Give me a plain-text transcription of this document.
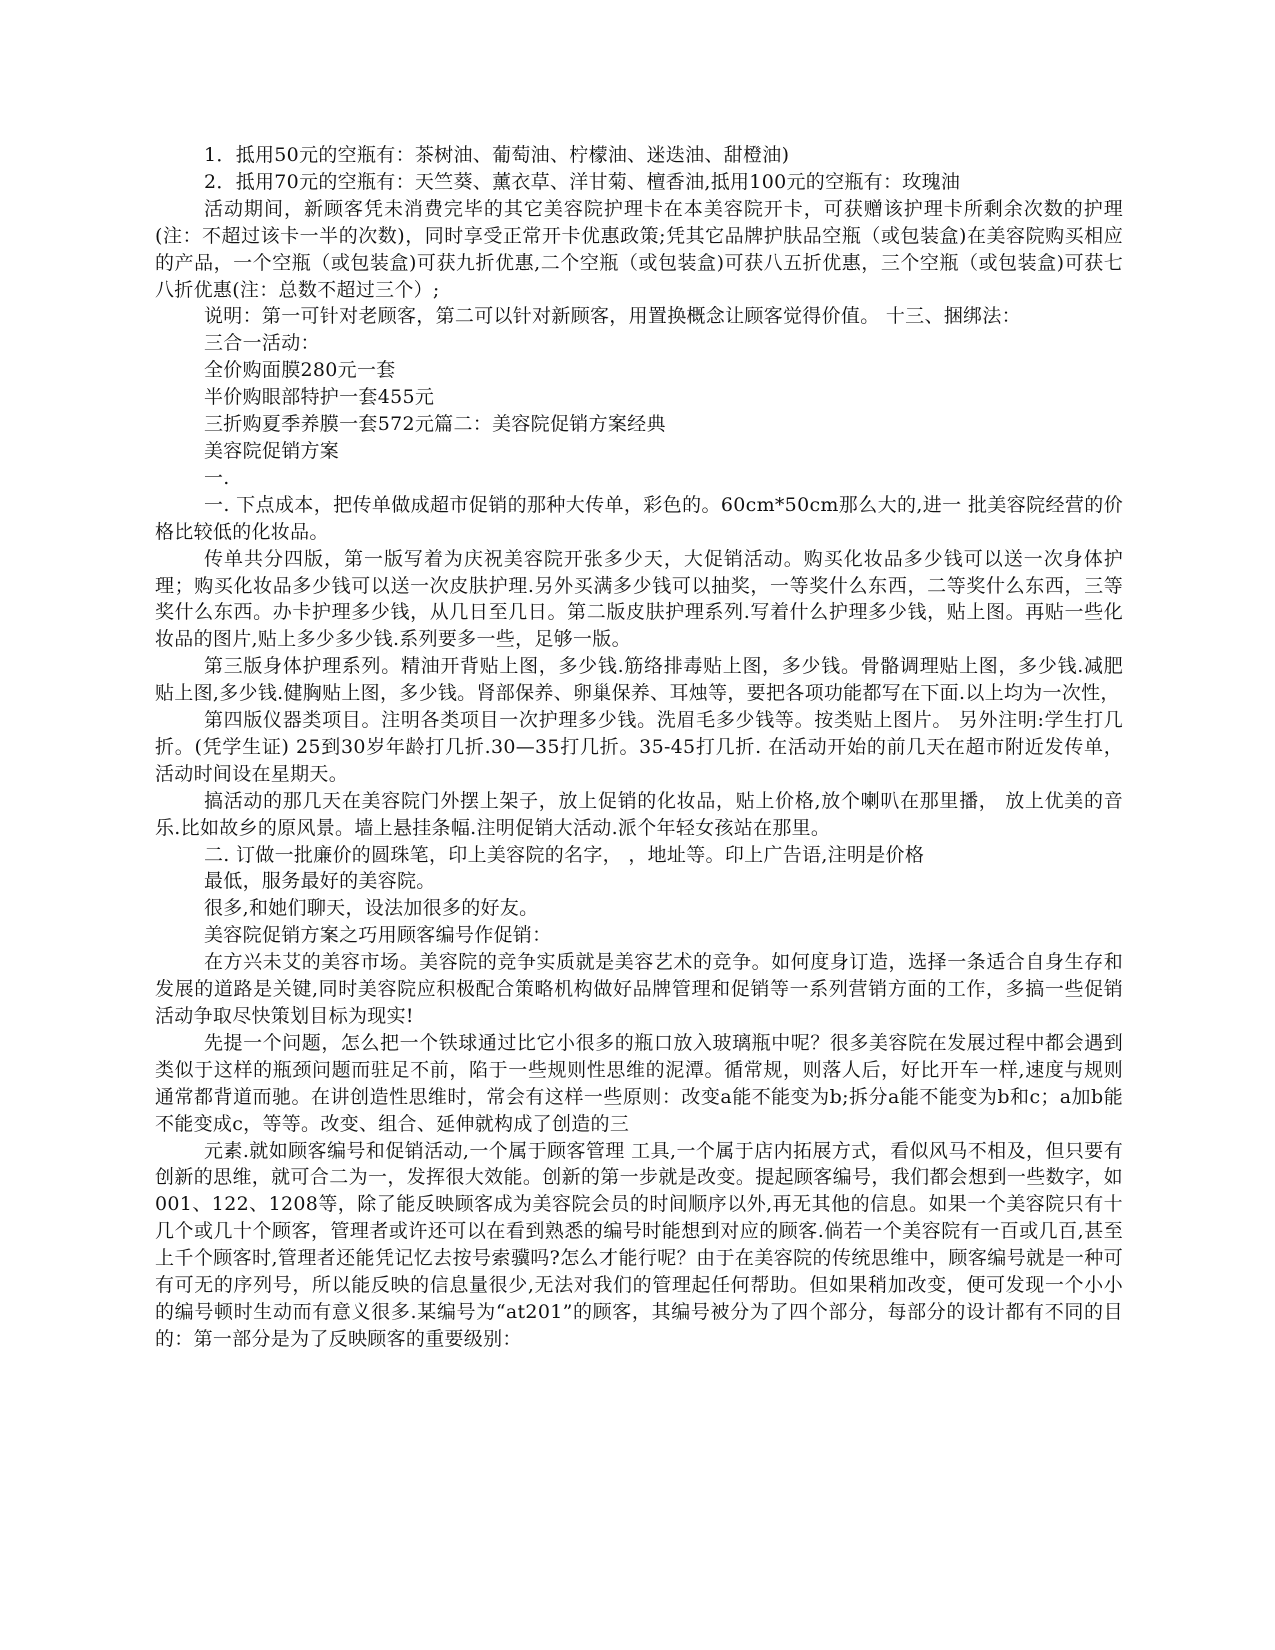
1．抵用50元的空瓶有：茶树油、葡萄油、柠檬油、迷迭油、甜橙油)

2．抵用70元的空瓶有：天竺葵、薰衣草、洋甘菊、檀香油,抵用100元的空瓶有：玫瑰油

活动期间，新顾客凭未消费完毕的其它美容院护理卡在本美容院开卡，可获赠该护理卡所剩余次数的护理(注：不超过该卡一半的次数)，同时享受正常开卡优惠政策;凭其它品牌护肤品空瓶（或包装盒)在美容院购买相应的产品，一个空瓶（或包装盒)可获九折优惠,二个空瓶（或包装盒)可获八五折优惠，三个空瓶（或包装盒)可获七八折优惠(注：总数不超过三个）;

说明：第一可针对老顾客，第二可以针对新顾客，用置换概念让顾客觉得价值。 十三、捆绑法：

三合一活动：

全价购面膜280元一套

半价购眼部特护一套455元

三折购夏季养膜一套572元篇二：美容院促销方案经典

美容院促销方案

一.

一. 下点成本，把传单做成超市促销的那种大传单，彩色的。60cm*50cm那么大的,进一 批美容院经营的价格比较低的化妆品。

传单共分四版，第一版写着为庆祝美容院开张多少天，大促销活动。购买化妆品多少钱可以送一次身体护理；购买化妆品多少钱可以送一次皮肤护理.另外买满多少钱可以抽奖，一等奖什么东西，二等奖什么东西，三等奖什么东西。办卡护理多少钱，从几日至几日。第二版皮肤护理系列.写着什么护理多少钱，贴上图。再贴一些化妆品的图片,贴上多少多少钱.系列要多一些，足够一版。

第三版身体护理系列。精油开背贴上图，多少钱.筋络排毒贴上图，多少钱。骨骼调理贴上图，多少钱.减肥贴上图,多少钱.健胸贴上图，多少钱。肾部保养、卵巢保养、耳烛等，要把各项功能都写在下面.以上均为一次性，

第四版仪器类项目。注明各类项目一次护理多少钱。洗眉毛多少钱等。按类贴上图片。 另外注明:学生打几折。(凭学生证) 25到30岁年龄打几折.30—35打几折。35-45打几折. 在活动开始的前几天在超市附近发传单，活动时间设在星期天。

搞活动的那几天在美容院门外摆上架子，放上促销的化妆品，贴上价格,放个喇叭在那里播， 放上优美的音乐.比如故乡的原风景。墙上悬挂条幅.注明促销大活动.派个年轻女孩站在那里。

二. 订做一批廉价的圆珠笔，印上美容院的名字， ，地址等。印上广告语,注明是价格

最低，服务最好的美容院。

很多,和她们聊天，设法加很多的好友。

美容院促销方案之巧用顾客编号作促销：

在方兴未艾的美容市场。美容院的竞争实质就是美容艺术的竞争。如何度身订造，选择一条适合自身生存和发展的道路是关键,同时美容院应积极配合策略机构做好品牌管理和促销等一系列营销方面的工作，多搞一些促销活动争取尽快策划目标为现实!

先提一个问题，怎么把一个铁球通过比它小很多的瓶口放入玻璃瓶中呢？很多美容院在发展过程中都会遇到类似于这样的瓶颈问题而驻足不前，陷于一些规则性思维的泥潭。循常规，则落人后，好比开车一样,速度与规则通常都背道而驰。在讲创造性思维时，常会有这样一些原则：改变a能不能变为b;拆分a能不能变为b和c；a加b能不能变成c，等等。改变、组合、延伸就构成了创造的三

元素.就如顾客编号和促销活动,一个属于顾客管理 工具,一个属于店内拓展方式，看似风马不相及，但只要有创新的思维，就可合二为一，发挥很大效能。创新的第一步就是改变。提起顾客编号，我们都会想到一些数字，如001、122、1208等，除了能反映顾客成为美容院会员的时间顺序以外,再无其他的信息。如果一个美容院只有十几个或几十个顾客，管理者或许还可以在看到熟悉的编号时能想到对应的顾客.倘若一个美容院有一百或几百,甚至上千个顾客时,管理者还能凭记忆去按号索骥吗?怎么才能行呢？由于在美容院的传统思维中，顾客编号就是一种可有可无的序列号，所以能反映的信息量很少,无法对我们的管理起任何帮助。但如果稍加改变，便可发现一个小小的编号顿时生动而有意义很多.某编号为“at201”的顾客，其编号被分为了四个部分，每部分的设计都有不同的目的：第一部分是为了反映顾客的重要级别：
